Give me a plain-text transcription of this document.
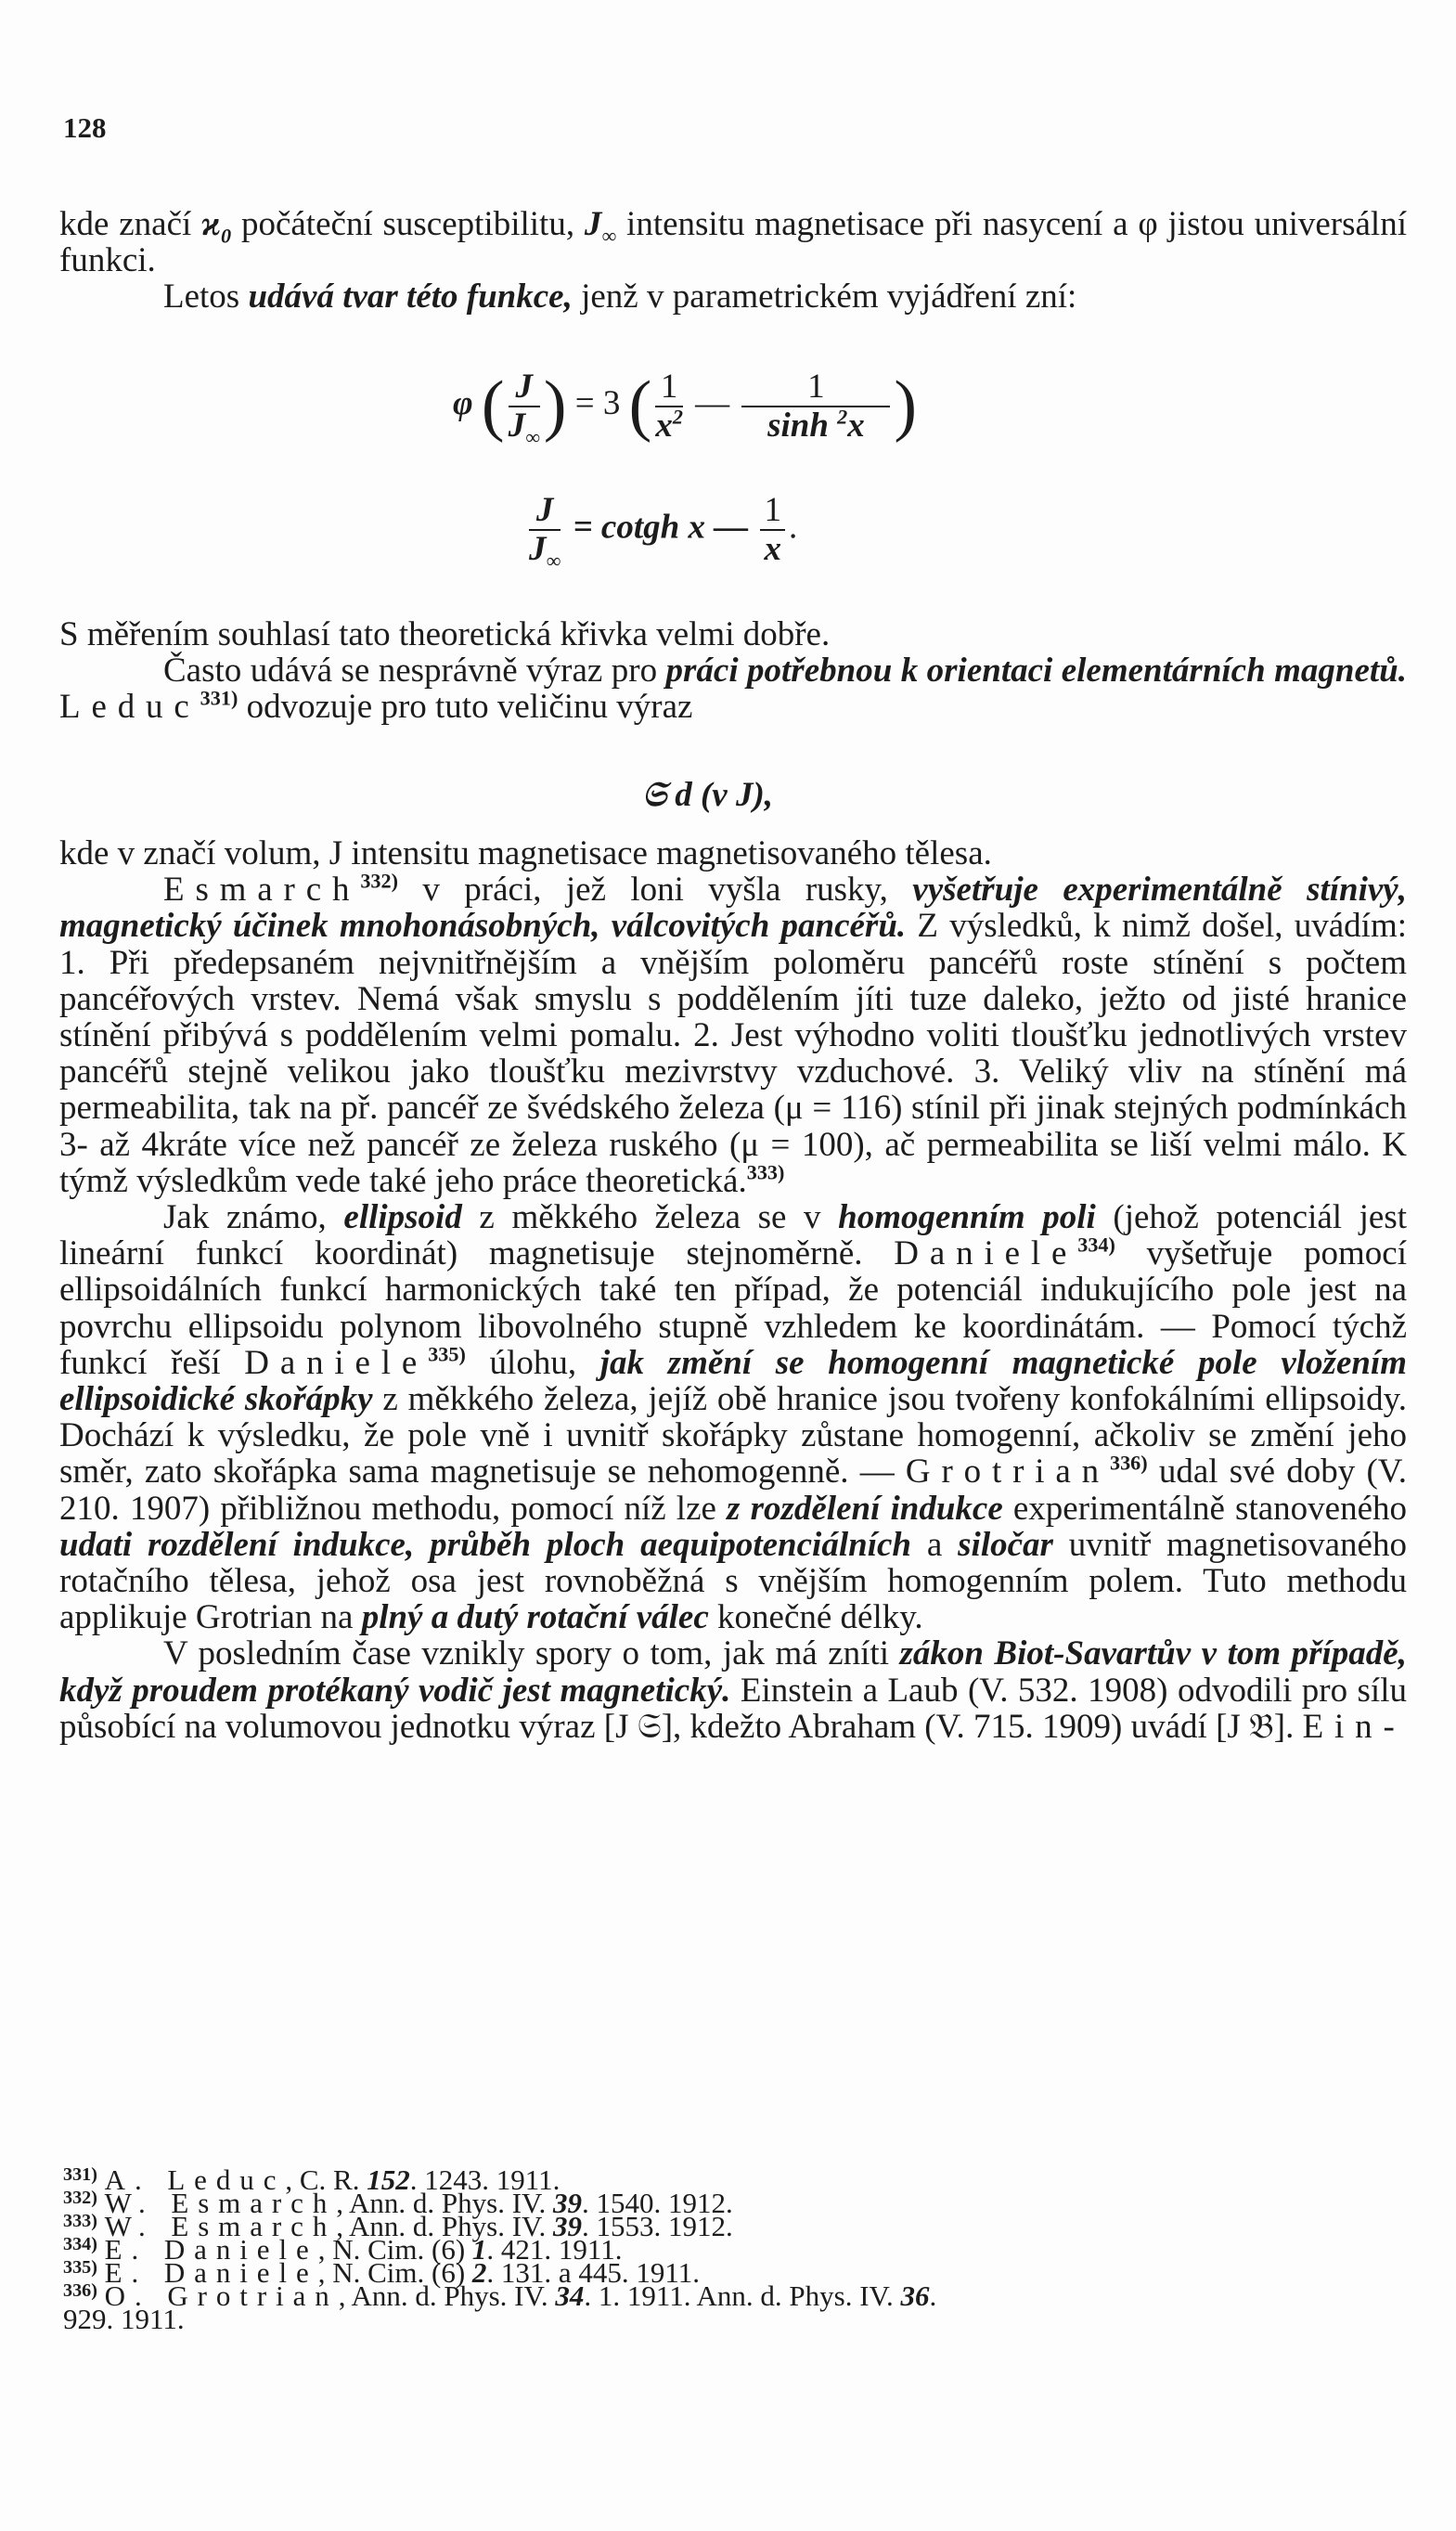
128

kde značí $ϰ_0$ počáteční susceptibilitu, $J_\infty$ intensitu magnetisace při nasycení a φ jistou universální funkci.

Letos udává tvar této funkce, jenž v parametrickém vyjádření zní:

φ ( $\frac{J}{J_\infty}$ ) = 3 ( $\frac{1}{x^2}$ — $\frac{1}{\sinh ^2x}$ )
$\frac{J}{J_\infty}$ = cotgh x — $\frac{1}{x}$ .

S měřením souhlasí tato theoretická křivka velmi dobře.

Často udává se nesprávně výraz pro práci potřebnou k orientaci elementárních magnetů. Leduc$^{331)}$ odvozuje pro tuto veličinu výraz

𝔖 d (v J),

kde v značí volum, J intensitu magnetisace magnetisovaného tělesa.

Esmarch$^{332)}$ v práci, jež loni vyšla rusky, vyšetřuje experimentálně stínivý, magnetický účinek mnohonásobných, válcovitých pancéřů. Z výsledků, k nimž došel, uvádím: 1. Při předepsaném nejvnitřnějším a vnějším poloměru pancéřů roste stínění s počtem pancéřových vrstev. Nemá však smyslu s poddělením jíti tuze daleko, ježto od jisté hranice stínění přibývá s poddělením velmi pomalu. 2. Jest výhodno voliti tloušťku jednotlivých vrstev pancéřů stejně velikou jako tloušťku mezivrstvy vzduchové. 3. Veliký vliv na stínění má permeabilita, tak na př. pancéř ze švédského železa (μ = 116) stínil při jinak stejných podmínkách 3- až 4kráte více než pancéř ze železa ruského (μ = 100), ač permeabilita se liší velmi málo. K týmž výsledkům vede také jeho práce theoretická.$^{333)}$

Jak známo, ellipsoid z měkkého železa se v homogenním poli (jehož potenciál jest lineární funkcí koordinát) magnetisuje stejnoměrně. Daniele$^{334)}$ vyšetřuje pomocí ellipsoidálních funkcí harmonických také ten případ, že potenciál indukujícího pole jest na povrchu ellipsoidu polynom libovolného stupně vzhledem ke koordinátám. — Pomocí týchž funkcí řeší Daniele$^{335)}$ úlohu, jak změní se homogenní magnetické pole vložením ellipsoidické skořápky z měkkého železa, jejíž obě hranice jsou tvořeny konfokálními ellipsoidy. Dochází k výsledku, že pole vně i uvnitř skořápky zůstane homogenní, ačkoliv se změní jeho směr, zato skořápka sama magnetisuje se nehomogenně. — Grotrian$^{336)}$ udal své doby (V. 210. 1907) přibližnou methodu, pomocí níž lze z rozdělení indukce experimentálně stanoveného udati rozdělení indukce, průběh ploch aequipotenciálních a siločar uvnitř magnetisovaného rotačního tělesa, jehož osa jest rovnoběžná s vnějším homogenním polem. Tuto methodu applikuje Grotrian na plný a dutý rotační válec konečné délky.

V posledním čase vznikly spory o tom, jak má zníti zákon Biot-Savartův v tom případě, když proudem protékaný vodič jest magnetický. Einstein a Laub (V. 532. 1908) odvodili pro sílu působící na volumovou jednotku výraz [J 𝔖], kdežto Abraham (V. 715. 1909) uvádí [J 𝔅]. Ein-

$^{331)}$ A. Leduc, C. R. 152. 1243. 1911.
$^{332)}$ W. Esmarch, Ann. d. Phys. IV. 39. 1540. 1912.
$^{333)}$ W. Esmarch, Ann. d. Phys. IV. 39. 1553. 1912.
$^{334)}$ E. Daniele, N. Cim. (6) 1. 421. 1911.
$^{335)}$ E. Daniele, N. Cim. (6) 2. 131. a 445. 1911.
$^{336)}$ O. Grotrian, Ann. d. Phys. IV. 34. 1. 1911. Ann. d. Phys. IV. 36.
929. 1911.
